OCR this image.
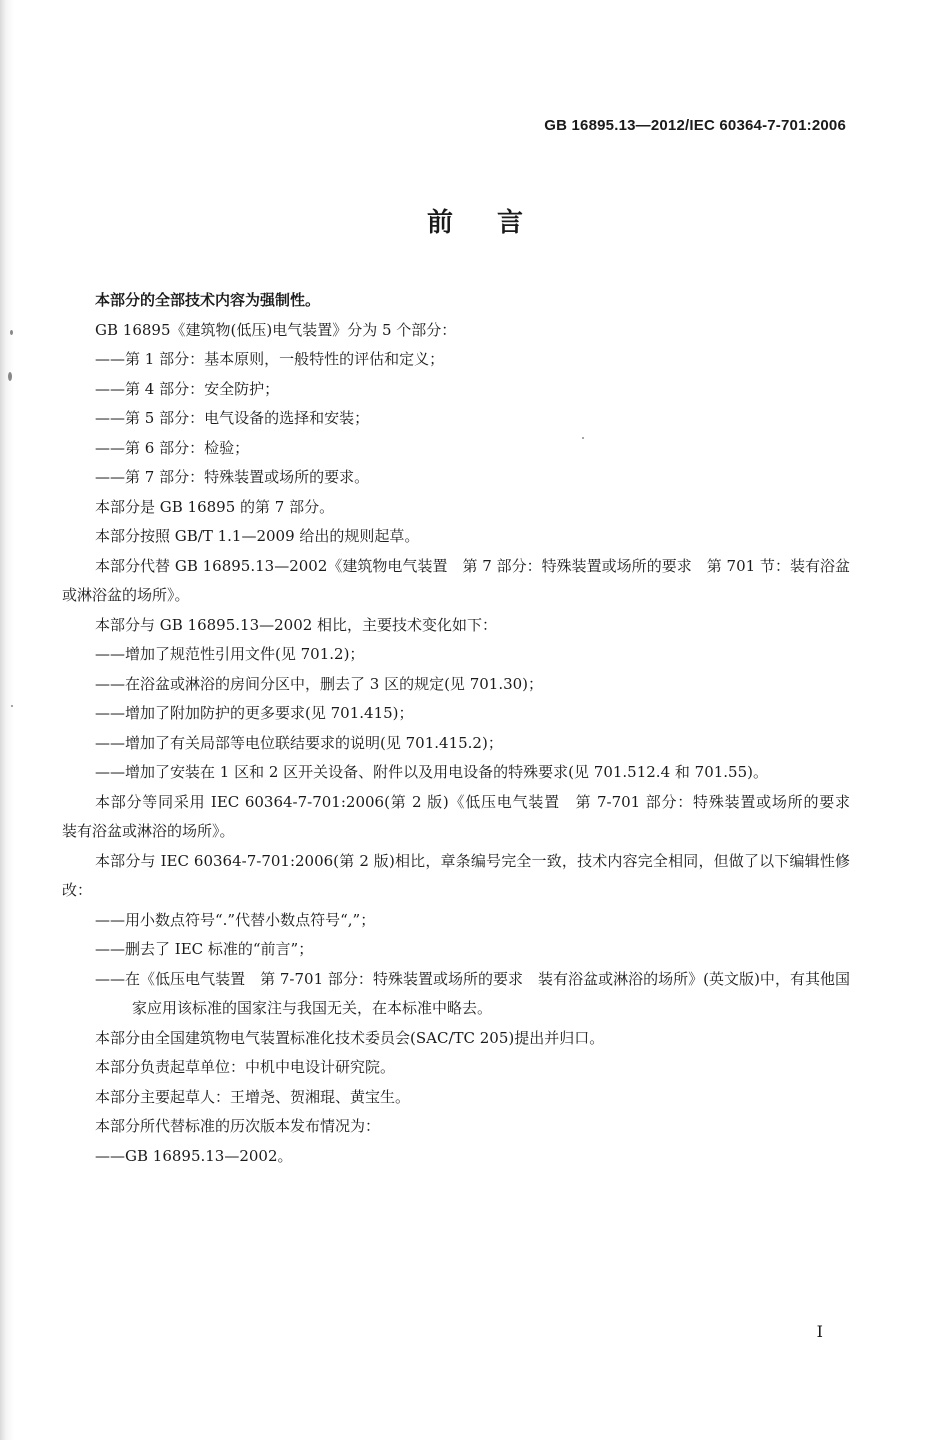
GB 16895.13—2012/IEC 60364-7-701:2006
前言

本部分的全部技术内容为强制性。

GB 16895《建筑物(低压)电气装置》分为 5 个部分：

——第 1 部分：基本原则，一般特性的评估和定义；

——第 4 部分：安全防护；

——第 5 部分：电气设备的选择和安装；

——第 6 部分：检验；

——第 7 部分：特殊装置或场所的要求。

本部分是 GB 16895 的第 7 部分。

本部分按照 GB/T 1.1—2009 给出的规则起草。

本部分代替 GB 16895.13—2002《建筑物电气装置　第 7 部分：特殊装置或场所的要求　第 701 节：装有浴盆或淋浴盆的场所》。

本部分与 GB 16895.13—2002 相比，主要技术变化如下：

——增加了规范性引用文件(见 701.2)；

——在浴盆或淋浴的房间分区中，删去了 3 区的规定(见 701.30)；

——增加了附加防护的更多要求(见 701.415)；

——增加了有关局部等电位联结要求的说明(见 701.415.2)；

——增加了安装在 1 区和 2 区开关设备、附件以及用电设备的特殊要求(见 701.512.4 和 701.55)。

本部分等同采用 IEC 60364-7-701:2006(第 2 版)《低压电气装置　第 7-701 部分：特殊装置或场所的要求　装有浴盆或淋浴的场所》。

本部分与 IEC 60364-7-701:2006(第 2 版)相比，章条编号完全一致，技术内容完全相同，但做了以下编辑性修改：

——用小数点符号“.”代替小数点符号“,”；

——删去了 IEC 标准的“前言”；

——在《低压电气装置　第 7-701 部分：特殊装置或场所的要求　装有浴盆或淋浴的场所》(英文版)中，有其他国家应用该标准的国家注与我国无关，在本标准中略去。

本部分由全国建筑物电气装置标准化技术委员会(SAC/TC 205)提出并归口。

本部分负责起草单位：中机中电设计研究院。

本部分主要起草人：王增尧、贺湘琨、黄宝生。

本部分所代替标准的历次版本发布情况为：

——GB 16895.13—2002。

I
